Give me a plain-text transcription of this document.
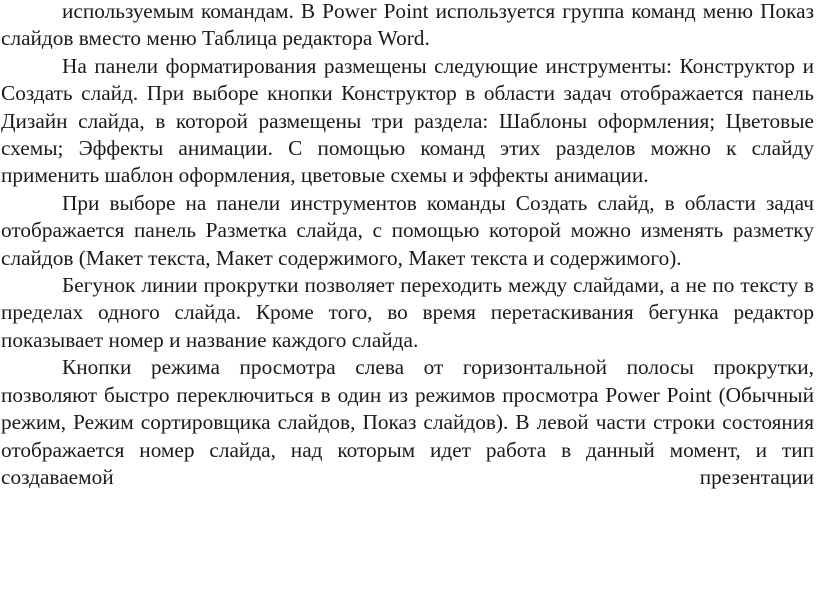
используемым командам. В Power Point используется группа команд меню Показ слайдов вместо меню Таблица редактора Word.

На панели форматирования размещены следующие инструменты: Конструктор и Создать слайд. При выборе кнопки Конструктор в области задач отображается панель Дизайн слайда, в которой размещены три раздела: Шаблоны оформления; Цветовые схемы; Эффекты анимации. С помощью команд этих разделов можно к слайду применить шаблон оформления, цветовые схемы и эффекты анимации.

При выборе на панели инструментов команды Создать слайд, в области задач отображается панель Разметка слайда, с помощью которой можно изменять разметку слайдов (Макет текста, Макет содержимого, Макет текста и содержимого).

Бегунок линии прокрутки позволяет переходить между слайдами, а не по тексту в пределах одного слайда. Кроме того, во время перетаскивания бегунка редактор показывает номер и название каждого слайда.

Кнопки режима просмотра слева от горизонтальной полосы прокрутки, позволяют быстро переключиться в один из режимов просмотра Power Point (Обычный режим, Режим сортировщика слайдов, Показ слайдов). В левой части строки состояния отображается номер слайда, над которым идет работа в данный момент, и тип создаваемой презентации
